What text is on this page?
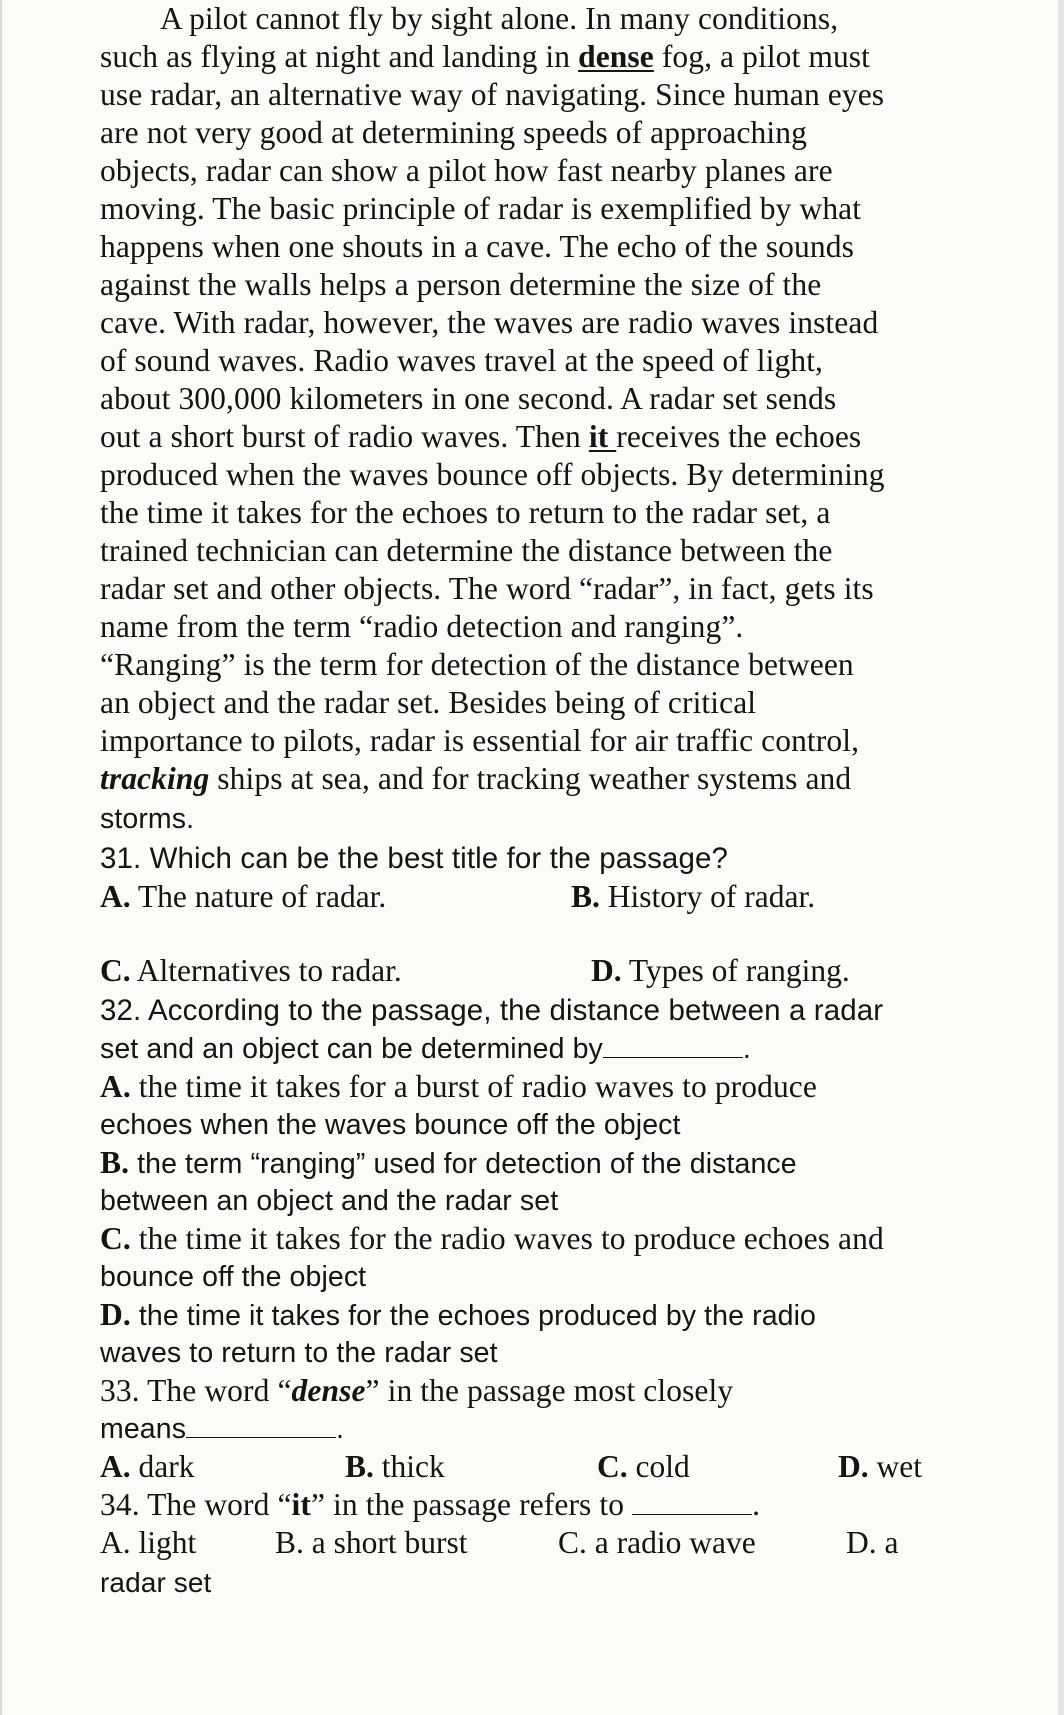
A pilot cannot fly by sight alone. In many conditions,
such as flying at night and landing in dense fog, a pilot must
use radar, an alternative way of navigating. Since human eyes
are not very good at determining speeds of approaching
objects, radar can show a pilot how fast nearby planes are
moving. The basic principle of radar is exemplified by what
happens when one shouts in a cave. The echo of the sounds
against the walls helps a person determine the size of the
cave. With radar, however, the waves are radio waves instead
of sound waves. Radio waves travel at the speed of light,
about 300,000 kilometers in one second. A radar set sends
out a short burst of radio waves. Then it receives the echoes
produced when the waves bounce off objects. By determining
the time it takes for the echoes to return to the radar set, a
trained technician can determine the distance between the
radar set and other objects. The word “radar”, in fact, gets its
name from the term “radio detection and ranging”.
“Ranging” is the term for detection of the distance between
an object and the radar set. Besides being of critical
importance to pilots, radar is essential for air traffic control,
tracking ships at sea, and for tracking weather systems and
storms.
31. Which can be the best title for the passage?
A. The nature of radar.	B. History of radar.
C. Alternatives to radar.	D. Types of ranging.
32. According to the passage, the distance between a radar
set and an object can be determined by	.
A. the time it takes for a burst of radio waves to produce
echoes when the waves bounce off the object
B. the term “ranging” used for detection of the distance
between an object and the radar set
C. the time it takes for the radio waves to produce echoes and
bounce off the object
D. the time it takes for the echoes produced by the radio
waves to return to the radar set
33. The word “dense” in the passage most closely
means	.
A. dark	B. thick	C. cold	D. wet
34. The word “it” in the passage refers to	.
A. light B. a short burst	C. a radio wave	D. a
radar set
